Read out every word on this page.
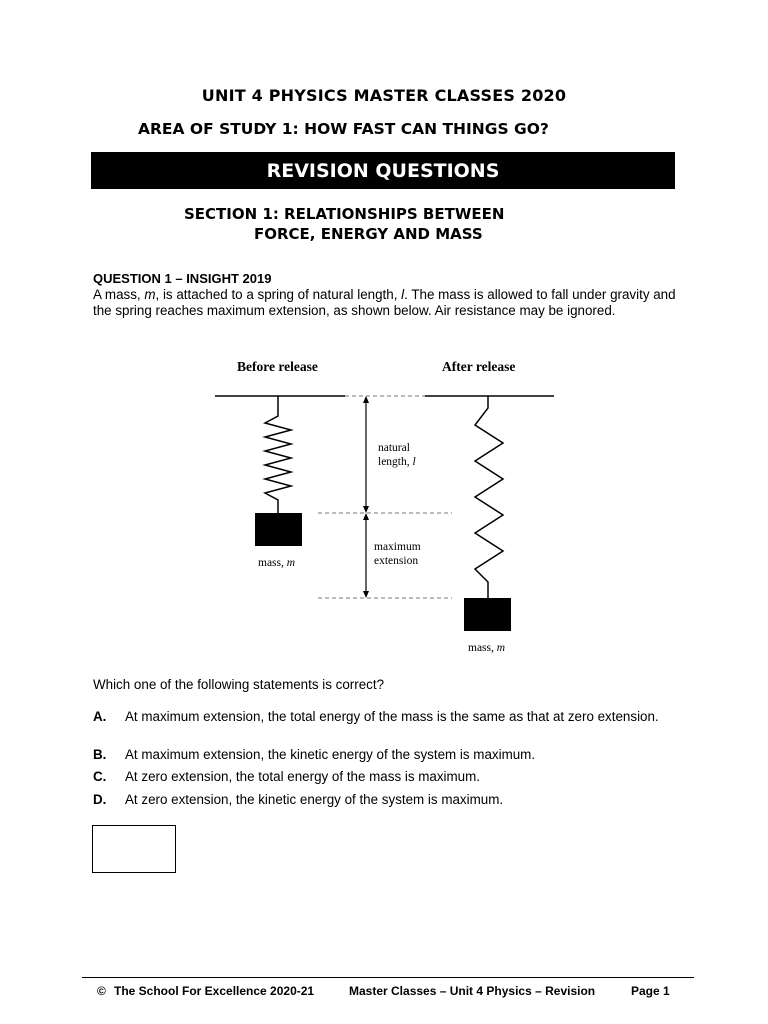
UNIT 4 PHYSICS MASTER CLASSES 2020
AREA OF STUDY 1: HOW FAST CAN THINGS GO?
REVISION QUESTIONS
SECTION 1: RELATIONSHIPS BETWEEN
FORCE, ENERGY AND MASS
QUESTION 1 – INSIGHT 2019
A mass, m, is attached to a spring of natural length, l. The mass is allowed to fall under gravity and the spring reaches maximum extension, as shown below. Air resistance may be ignored.
Before release	After release
mass, m
mass, m
natural
length, l
maximum
extension
Which one of the following statements is correct?
A. At maximum extension, the total energy of the mass is the same as that at zero extension.
B. At maximum extension, the kinetic energy of the system is maximum.
C. At zero extension, the total energy of the mass is maximum.
D. At zero extension, the kinetic energy of the system is maximum.
© The School For Excellence 2020-21	Master Classes – Unit 4 Physics – Revision	Page 1
